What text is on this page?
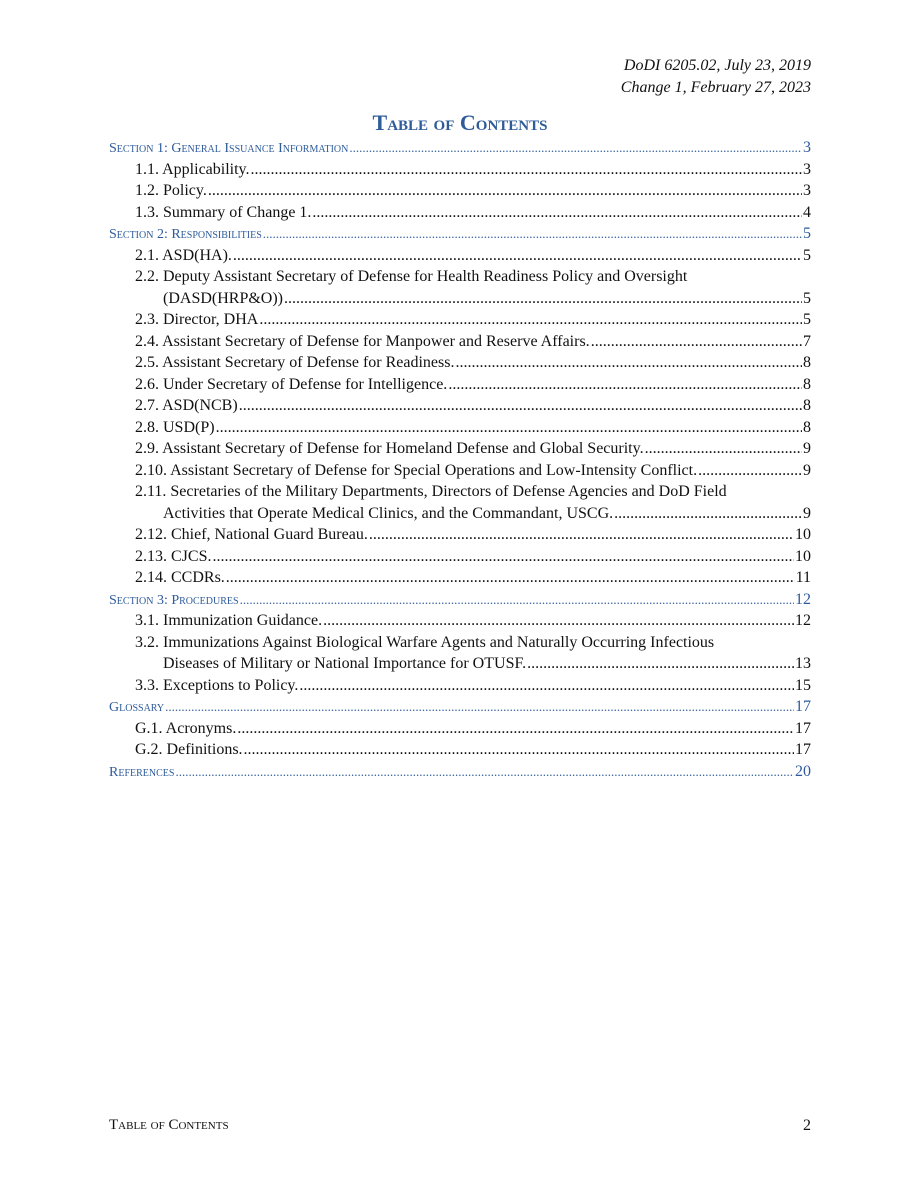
DoDI 6205.02, July 23, 2019
Change 1, February 27, 2023
Table of Contents
Section 1: General Issuance Information .....	3
1.1. Applicability. .....	3
1.2. Policy. .....	3
1.3. Summary of Change 1. .....	4
Section 2: Responsibilities .....	5
2.1. ASD(HA). .....	5
2.2. Deputy Assistant Secretary of Defense for Health Readiness Policy and Oversight
(DASD(HRP&O)) .....	5
2.3. Director, DHA .....	5
2.4. Assistant Secretary of Defense for Manpower and Reserve Affairs. .....	7
2.5. Assistant Secretary of Defense for Readiness. .....	8
2.6. Under Secretary of Defense for Intelligence. .....	8
2.7. ASD(NCB) .....	8
2.8. USD(P) .....	8
2.9. Assistant Secretary of Defense for Homeland Defense and Global Security. .....	9
2.10. Assistant Secretary of Defense for Special Operations and Low-Intensity Conflict. .....	9
2.11. Secretaries of the Military Departments, Directors of Defense Agencies and DoD Field
Activities that Operate Medical Clinics, and the Commandant, USCG. .....	9
2.12. Chief, National Guard Bureau. .....	10
2.13. CJCS. .....	10
2.14. CCDRs. .....	11
Section 3: Procedures .....	12
3.1. Immunization Guidance. .....	12
3.2. Immunizations Against Biological Warfare Agents and Naturally Occurring Infectious
Diseases of Military or National Importance for OTUSF. .....	13
3.3. Exceptions to Policy. .....	15
Glossary .....	17
G.1. Acronyms. .....	17
G.2. Definitions. .....	17
References .....	20
Table of Contents	2
